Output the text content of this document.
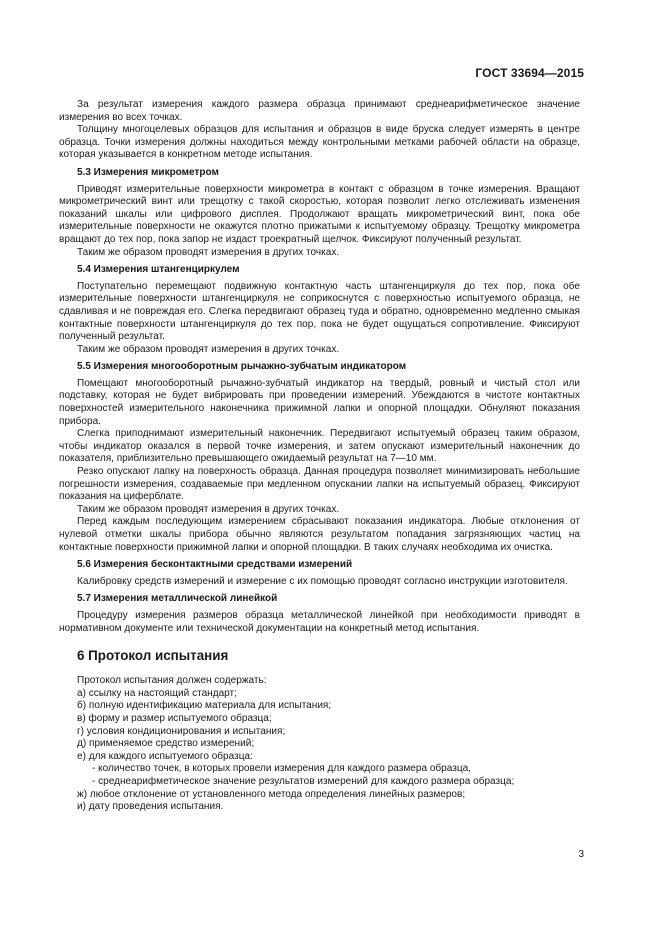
ГОСТ 33694—2015

За результат измерения каждого размера образца принимают среднеарифметическое значение измерения во всех точках.

Толщину многоцелевых образцов для испытания и образцов в виде бруска следует измерять в центре образца. Точки измерения должны находиться между контрольными метками рабочей области на образце, которая указывается в конкретном методе испытания.

5.3 Измерения микрометром

Приводят измерительные поверхности микрометра в контакт с образцом в точке измерения. Вращают микрометрический винт или трещотку с такой скоростью, которая позволит легко отслеживать изменения показаний шкалы или цифрового дисплея. Продолжают вращать микрометрический винт, пока обе измерительные поверхности не окажутся плотно прижатыми к испытуемому образцу. Трещотку микрометра вращают до тех пор, пока запор не издаст троекратный щелчок. Фиксируют полученный результат.

Таким же образом проводят измерения в других точках.

5.4 Измерения штангенциркулем

Поступательно перемещают подвижную контактную часть штангенциркуля до тех пор, пока обе измерительные поверхности штангенциркуля не соприкоснутся с поверхностью испытуемого образца, не сдавливая и не повреждая его. Слегка передвигают образец туда и обратно, одновременно медленно смыкая контактные поверхности штангенциркуля до тех пор, пока не будет ощущаться сопротивление. Фиксируют полученный результат.

Таким же образом проводят измерения в других точках.

5.5 Измерения многооборотным рычажно-зубчатым индикатором

Помещают многооборотный рычажно-зубчатый индикатор на твердый, ровный и чистый стол или подставку, которая не будет вибрировать при проведении измерений. Убеждаются в чистоте контактных поверхностей измерительного наконечника прижимной лапки и опорной площадки. Обнуляют показания прибора.

Слегка приподнимают измерительный наконечник. Передвигают испытуемый образец таким образом, чтобы индикатор оказался в первой точке измерения, и затем опускают измерительный наконечник до показателя, приблизительно превышающего ожидаемый результат на 7—10 мм.

Резко опускают лапку на поверхность образца. Данная процедура позволяет минимизировать небольшие погрешности измерения, создаваемые при медленном опускании лапки на испытуемый образец. Фиксируют показания на циферблате.

Таким же образом проводят измерения в других точках.

Перед каждым последующим измерением сбрасывают показания индикатора. Любые отклонения от нулевой отметки шкалы прибора обычно являются результатом попадания загрязняющих частиц на контактные поверхности прижимной лапки и опорной площадки. В таких случаях необходима их очистка.

5.6 Измерения бесконтактными средствами измерений

Калибровку средств измерений и измерение с их помощью проводят согласно инструкции изготовителя.

5.7 Измерения металлической линейкой

Процедуру измерения размеров образца металлической линейкой при необходимости приводят в нормативном документе или технической документации на конкретный метод испытания.

6 Протокол испытания

Протокол испытания должен содержать:

а) ссылку на настоящий стандарт;

б) полную идентификацию материала для испытания;

в) форму и размер испытуемого образца;

г) условия кондиционирования и испытания;

д) применяемое средство измерений;

е) для каждого испытуемого образца:

- количество точек, в которых провели измерения для каждого размера образца,

- среднеарифметическое значение результатов измерений для каждого размера образца;

ж) любое отклонение от установленного метода определения линейных размеров;

и) дату проведения испытания.

3
